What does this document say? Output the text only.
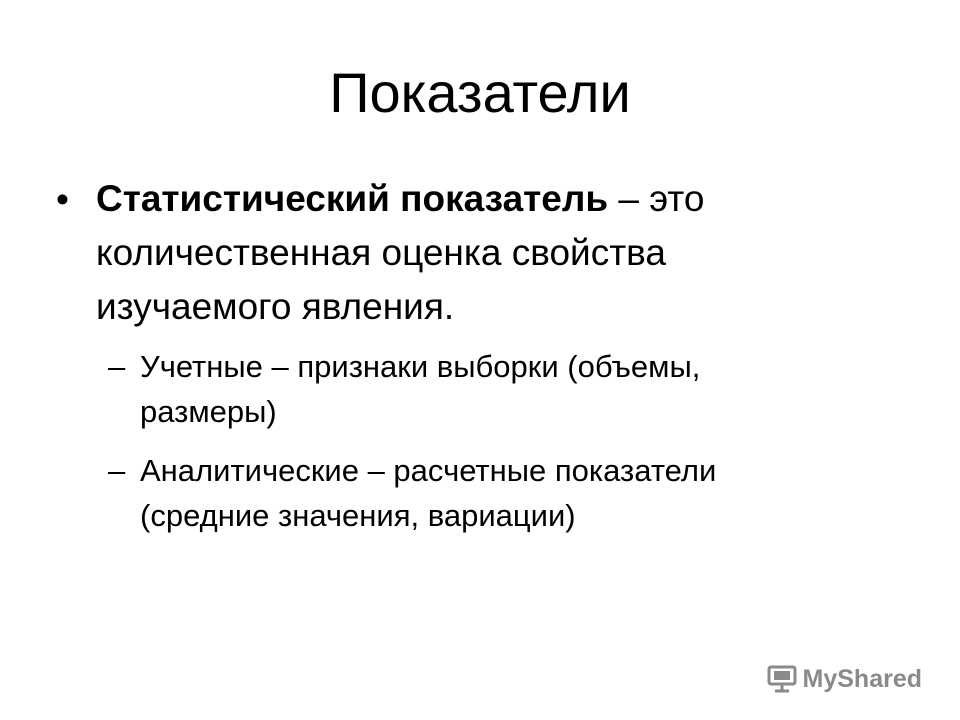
Показатели
• Статистический показатель – это количественная оценка свойства изучаемого явления.
– Учетные – признаки выборки (объемы, размеры)
– Аналитические – расчетные показатели (средние значения, вариации)
MyShared
